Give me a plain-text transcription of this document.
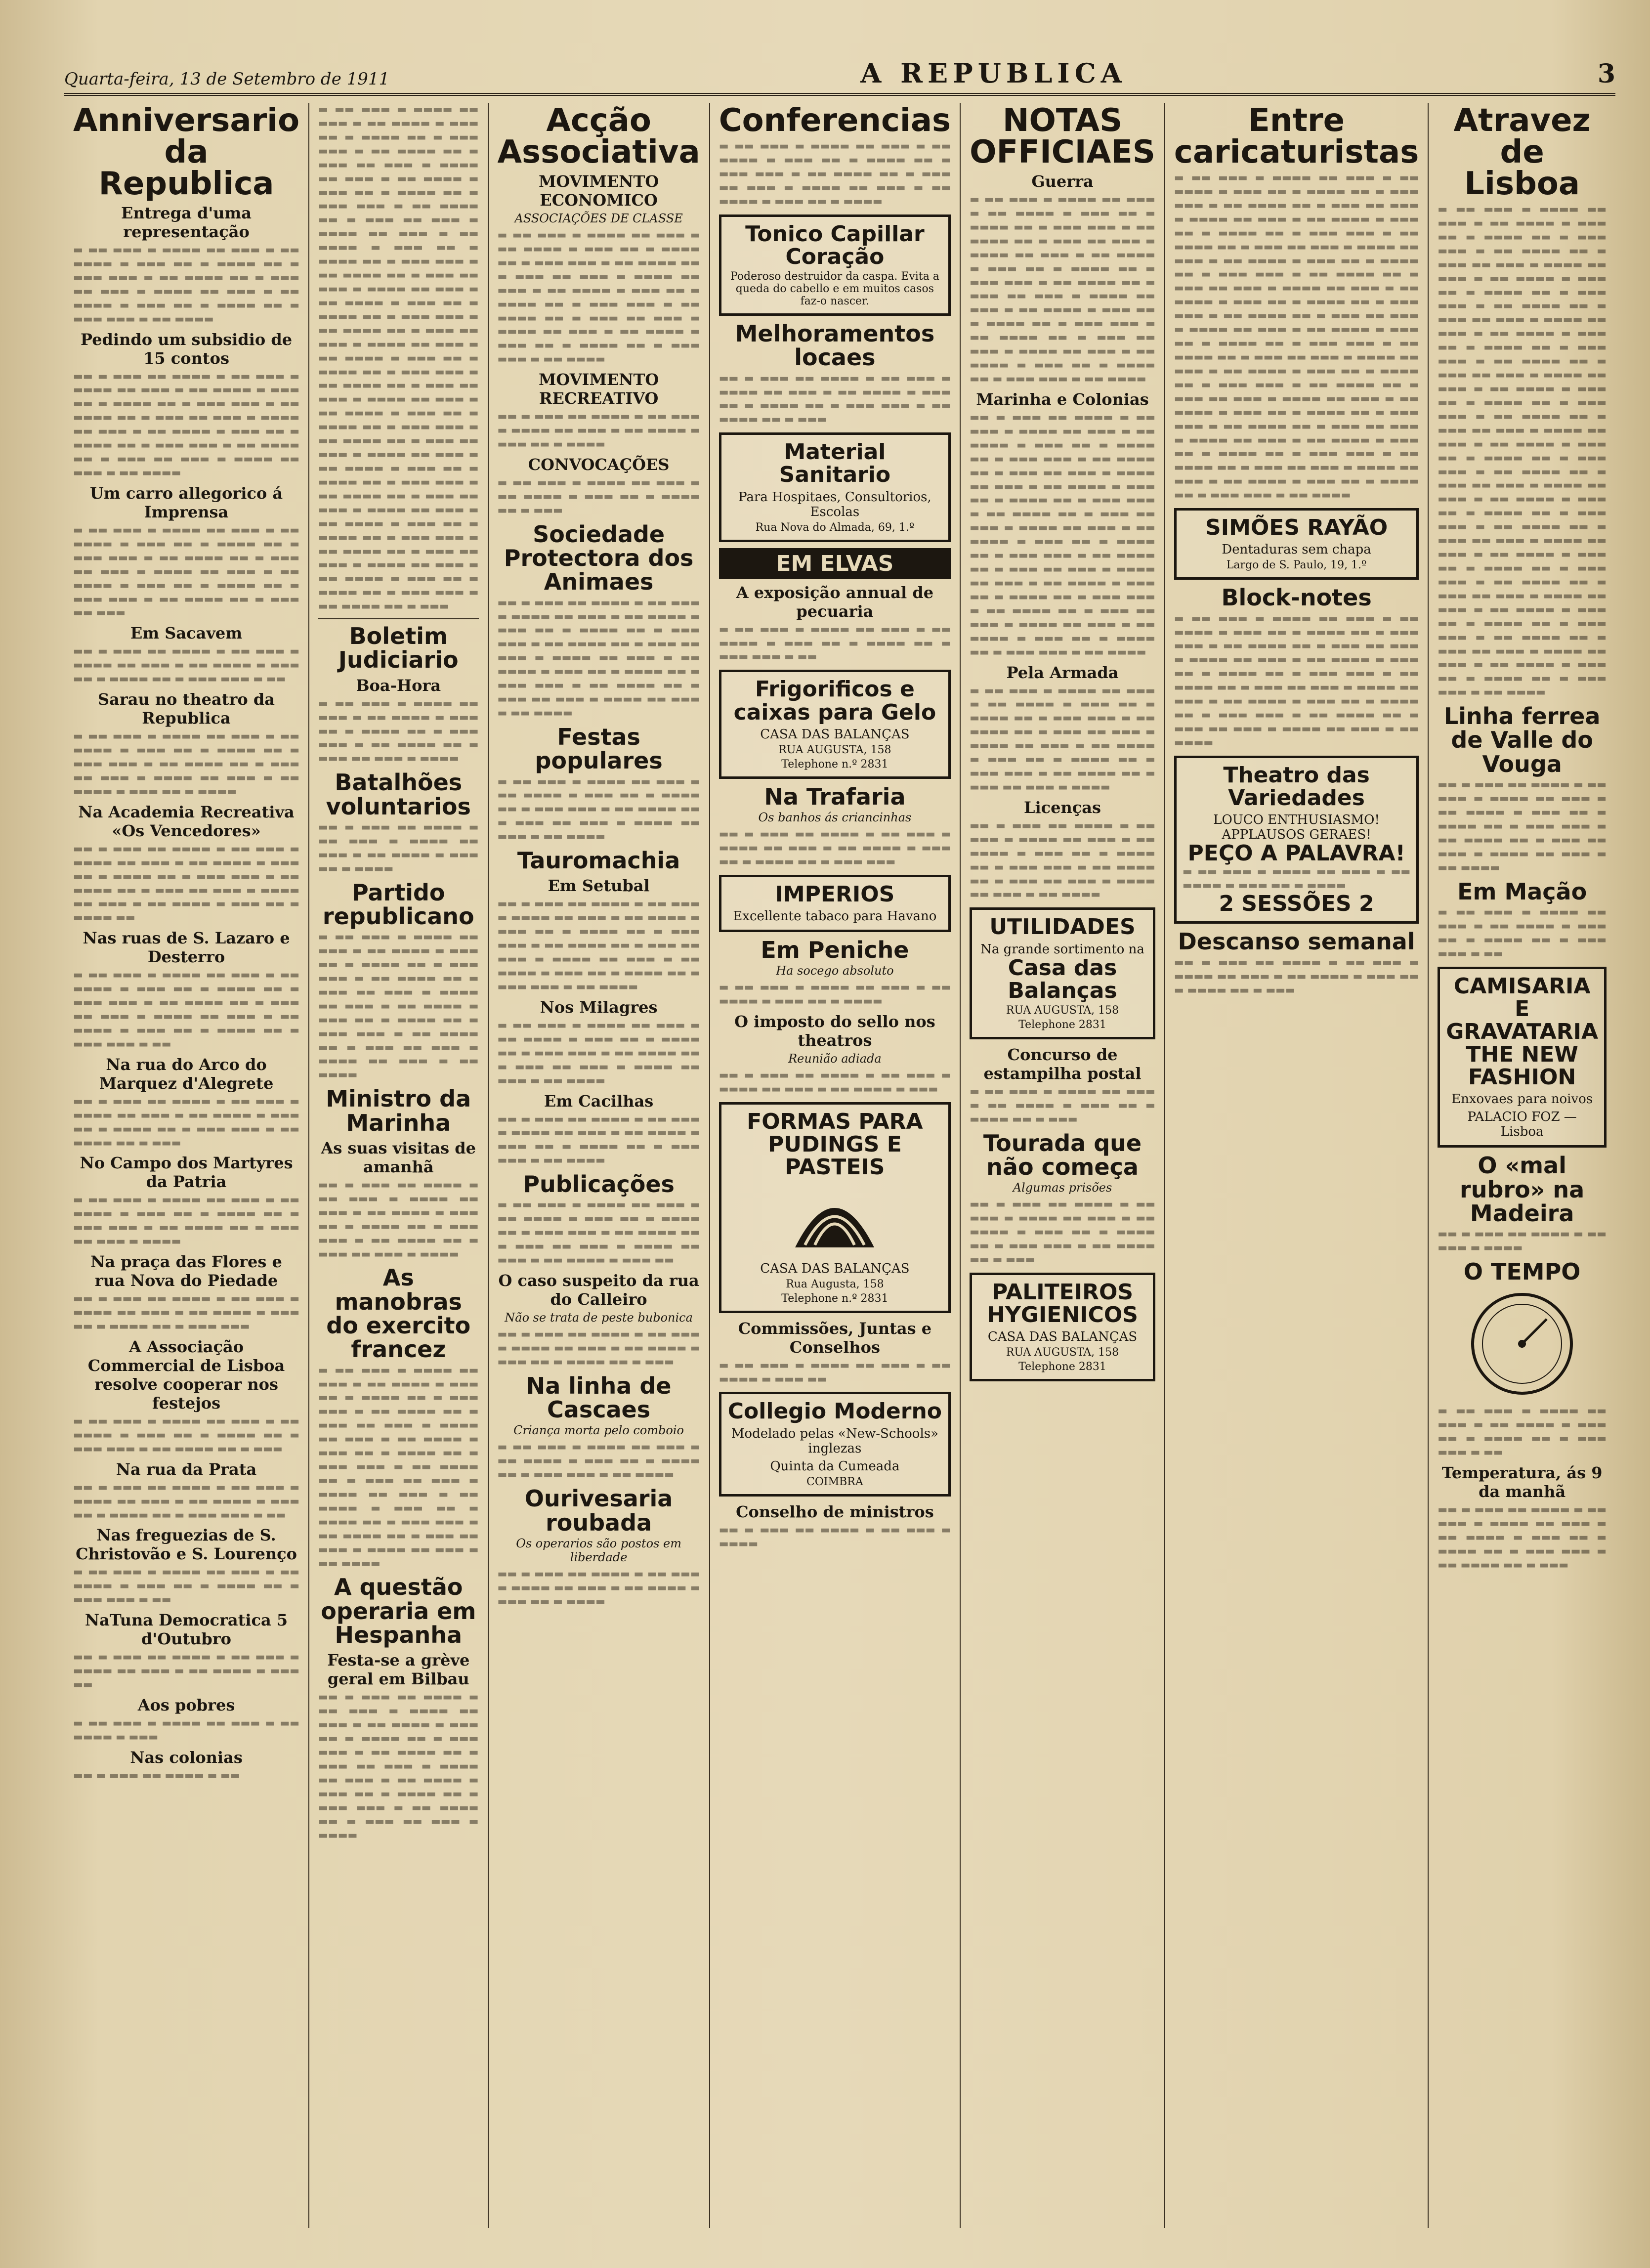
Quarta-feira, 13 de Setembro de 1911	A REPUBLICA	3
Anniversario da Republica
Entrega d'uma representação
▬ ▬▬ ▬▬▬ ▬ ▬▬▬▬ ▬▬ ▬▬▬ ▬ ▬▬ ▬▬▬▬ ▬ ▬▬▬ ▬▬ ▬ ▬▬▬▬ ▬▬ ▬ ▬▬▬ ▬▬▬ ▬ ▬▬ ▬▬▬▬ ▬▬ ▬ ▬▬▬ ▬▬ ▬▬▬ ▬ ▬▬▬▬ ▬▬ ▬▬▬ ▬ ▬▬ ▬▬▬▬ ▬ ▬▬▬ ▬▬ ▬ ▬▬▬▬ ▬▬ ▬ ▬▬▬ ▬▬▬ ▬ ▬▬ ▬▬▬▬
Pedindo um subsidio de 15 contos
▬▬ ▬ ▬▬▬ ▬▬ ▬▬▬▬ ▬ ▬▬ ▬▬▬ ▬ ▬▬▬▬ ▬▬ ▬▬▬ ▬ ▬▬ ▬▬▬▬ ▬ ▬▬▬ ▬▬ ▬ ▬▬▬▬ ▬▬ ▬ ▬▬▬ ▬▬▬ ▬ ▬▬ ▬▬▬▬ ▬▬ ▬ ▬▬▬ ▬▬ ▬▬▬ ▬ ▬▬▬▬ ▬▬ ▬▬▬ ▬ ▬▬ ▬▬▬▬ ▬ ▬▬▬ ▬▬ ▬ ▬▬▬▬ ▬▬ ▬ ▬▬▬ ▬▬▬ ▬ ▬▬ ▬▬▬▬ ▬▬ ▬ ▬▬▬ ▬▬ ▬▬▬ ▬ ▬▬▬▬ ▬▬ ▬▬▬ ▬ ▬▬ ▬▬▬▬
Um carro allegorico á Imprensa
▬ ▬▬ ▬▬▬ ▬ ▬▬▬▬ ▬▬ ▬▬▬ ▬ ▬▬ ▬▬▬▬ ▬ ▬▬▬ ▬▬ ▬ ▬▬▬▬ ▬▬ ▬ ▬▬▬ ▬▬▬ ▬ ▬▬ ▬▬▬▬ ▬▬ ▬ ▬▬▬ ▬▬ ▬▬▬ ▬ ▬▬▬▬ ▬▬ ▬▬▬ ▬ ▬▬ ▬▬▬▬ ▬ ▬▬▬ ▬▬ ▬ ▬▬▬▬ ▬▬ ▬ ▬▬▬ ▬▬▬ ▬ ▬▬ ▬▬▬▬ ▬▬ ▬ ▬▬▬ ▬▬ ▬▬▬
Em Sacavem
▬▬ ▬ ▬▬▬ ▬▬ ▬▬▬▬ ▬ ▬▬ ▬▬▬ ▬ ▬▬▬▬ ▬▬ ▬▬▬ ▬ ▬▬ ▬▬▬▬ ▬ ▬▬▬ ▬▬ ▬ ▬▬▬▬ ▬▬ ▬ ▬▬▬ ▬▬▬ ▬ ▬▬
Sarau no theatro da Republica
▬ ▬▬ ▬▬▬ ▬ ▬▬▬▬ ▬▬ ▬▬▬ ▬ ▬▬ ▬▬▬▬ ▬ ▬▬▬ ▬▬ ▬ ▬▬▬▬ ▬▬ ▬ ▬▬▬ ▬▬▬ ▬ ▬▬ ▬▬▬▬ ▬▬ ▬ ▬▬▬ ▬▬ ▬▬▬ ▬ ▬▬▬▬ ▬▬ ▬▬▬ ▬ ▬▬ ▬▬▬▬ ▬ ▬▬▬ ▬▬ ▬ ▬▬▬▬
Na Academia Recreativa «Os Vencedores»
▬▬ ▬ ▬▬▬ ▬▬ ▬▬▬▬ ▬ ▬▬ ▬▬▬ ▬ ▬▬▬▬ ▬▬ ▬▬▬ ▬ ▬▬ ▬▬▬▬ ▬ ▬▬▬ ▬▬ ▬ ▬▬▬▬ ▬▬ ▬ ▬▬▬ ▬▬▬ ▬ ▬▬ ▬▬▬▬ ▬▬ ▬ ▬▬▬ ▬▬ ▬▬▬ ▬ ▬▬▬▬ ▬▬ ▬▬▬ ▬ ▬▬ ▬▬▬▬ ▬ ▬▬▬ ▬▬ ▬ ▬▬▬▬ ▬▬
Nas ruas de S. Lazaro e Desterro
▬ ▬▬ ▬▬▬ ▬ ▬▬▬▬ ▬▬ ▬▬▬ ▬ ▬▬ ▬▬▬▬ ▬ ▬▬▬ ▬▬ ▬ ▬▬▬▬ ▬▬ ▬ ▬▬▬ ▬▬▬ ▬ ▬▬ ▬▬▬▬ ▬▬ ▬ ▬▬▬ ▬▬ ▬▬▬ ▬ ▬▬▬▬ ▬▬ ▬▬▬ ▬ ▬▬ ▬▬▬▬ ▬ ▬▬▬ ▬▬ ▬ ▬▬▬▬ ▬▬ ▬ ▬▬▬ ▬▬▬ ▬ ▬▬
Na rua do Arco do Marquez d'Alegrete
▬▬ ▬ ▬▬▬ ▬▬ ▬▬▬▬ ▬ ▬▬ ▬▬▬ ▬ ▬▬▬▬ ▬▬ ▬▬▬ ▬ ▬▬ ▬▬▬▬ ▬ ▬▬▬ ▬▬ ▬ ▬▬▬▬ ▬▬ ▬ ▬▬▬ ▬▬▬ ▬ ▬▬ ▬▬▬▬ ▬▬ ▬ ▬▬▬
No Campo dos Martyres da Patria
▬ ▬▬ ▬▬▬ ▬ ▬▬▬▬ ▬▬ ▬▬▬ ▬ ▬▬ ▬▬▬▬ ▬ ▬▬▬ ▬▬ ▬ ▬▬▬▬ ▬▬ ▬ ▬▬▬ ▬▬▬ ▬ ▬▬ ▬▬▬▬ ▬▬ ▬ ▬▬▬ ▬▬ ▬▬▬ ▬ ▬▬▬▬
Na praça das Flores e rua Nova do Piedade
▬▬ ▬ ▬▬▬ ▬▬ ▬▬▬▬ ▬ ▬▬ ▬▬▬ ▬ ▬▬▬▬ ▬▬ ▬▬▬ ▬ ▬▬ ▬▬▬▬ ▬ ▬▬▬ ▬▬ ▬ ▬▬▬▬ ▬▬ ▬ ▬▬▬ ▬▬▬
A Associação Commercial de Lisboa resolve cooperar nos festejos
▬ ▬▬ ▬▬▬ ▬ ▬▬▬▬ ▬▬ ▬▬▬ ▬ ▬▬ ▬▬▬▬ ▬ ▬▬▬ ▬▬ ▬ ▬▬▬▬ ▬▬ ▬ ▬▬▬ ▬▬▬ ▬ ▬▬ ▬▬▬▬ ▬▬ ▬ ▬▬▬
Na rua da Prata
▬▬ ▬ ▬▬▬ ▬▬ ▬▬▬▬ ▬ ▬▬ ▬▬▬ ▬ ▬▬▬▬ ▬▬ ▬▬▬ ▬ ▬▬ ▬▬▬▬ ▬ ▬▬▬ ▬▬ ▬ ▬▬▬▬ ▬▬ ▬ ▬▬▬ ▬▬▬ ▬ ▬▬
Nas freguezias de S. Christovão e S. Lourenço
▬ ▬▬ ▬▬▬ ▬ ▬▬▬▬ ▬▬ ▬▬▬ ▬ ▬▬ ▬▬▬▬ ▬ ▬▬▬ ▬▬ ▬ ▬▬▬▬ ▬▬ ▬ ▬▬▬ ▬▬▬ ▬ ▬▬
NaTuna Democratica 5 d'Outubro
▬▬ ▬ ▬▬▬ ▬▬ ▬▬▬▬ ▬ ▬▬ ▬▬▬ ▬ ▬▬▬▬ ▬▬ ▬▬▬ ▬ ▬▬ ▬▬▬▬ ▬ ▬▬▬ ▬▬
Aos pobres
▬ ▬▬ ▬▬▬ ▬ ▬▬▬▬ ▬▬ ▬▬▬ ▬ ▬▬ ▬▬▬▬ ▬ ▬▬▬
Nas colonias
▬▬ ▬ ▬▬▬ ▬▬ ▬▬▬▬ ▬ ▬▬
▬ ▬▬ ▬▬▬ ▬ ▬▬▬▬ ▬▬ ▬▬▬ ▬ ▬▬ ▬▬▬▬ ▬ ▬▬▬ ▬▬ ▬ ▬▬▬▬ ▬▬ ▬ ▬▬▬ ▬▬▬ ▬ ▬▬ ▬▬▬▬ ▬▬ ▬ ▬▬▬ ▬▬ ▬▬▬ ▬ ▬▬▬▬ ▬▬ ▬▬▬ ▬ ▬▬ ▬▬▬▬ ▬ ▬▬▬ ▬▬ ▬ ▬▬▬▬ ▬▬ ▬ ▬▬▬ ▬▬▬ ▬ ▬▬ ▬▬▬▬ ▬▬ ▬ ▬▬▬ ▬▬ ▬▬▬ ▬ ▬▬▬▬ ▬▬ ▬▬▬ ▬ ▬▬ ▬▬▬▬ ▬ ▬▬▬ ▬▬ ▬ ▬▬▬▬ ▬▬ ▬ ▬▬▬ ▬▬▬ ▬ ▬▬ ▬▬▬▬ ▬▬ ▬ ▬▬▬ ▬▬ ▬▬▬ ▬ ▬▬▬▬ ▬▬ ▬▬▬ ▬ ▬▬ ▬▬▬▬ ▬ ▬▬▬ ▬▬ ▬ ▬▬▬▬ ▬▬ ▬ ▬▬▬ ▬▬▬ ▬ ▬▬ ▬▬▬▬ ▬▬ ▬ ▬▬▬ ▬▬ ▬▬▬ ▬ ▬▬▬▬ ▬▬ ▬▬▬ ▬ ▬▬ ▬▬▬▬ ▬ ▬▬▬ ▬▬ ▬ ▬▬▬▬ ▬▬ ▬ ▬▬▬ ▬▬▬ ▬ ▬▬ ▬▬▬▬ ▬▬ ▬ ▬▬▬ ▬▬ ▬▬▬ ▬ ▬▬▬▬ ▬▬ ▬▬▬ ▬ ▬▬ ▬▬▬▬ ▬ ▬▬▬ ▬▬ ▬ ▬▬▬▬ ▬▬ ▬ ▬▬▬ ▬▬▬ ▬ ▬▬ ▬▬▬▬ ▬▬ ▬ ▬▬▬ ▬▬ ▬▬▬ ▬ ▬▬▬▬ ▬▬ ▬▬▬ ▬ ▬▬ ▬▬▬▬ ▬ ▬▬▬ ▬▬ ▬ ▬▬▬▬ ▬▬ ▬ ▬▬▬ ▬▬▬ ▬ ▬▬ ▬▬▬▬ ▬▬ ▬ ▬▬▬ ▬▬ ▬▬▬ ▬ ▬▬▬▬ ▬▬ ▬▬▬ ▬ ▬▬ ▬▬▬▬ ▬ ▬▬▬ ▬▬ ▬ ▬▬▬▬ ▬▬ ▬ ▬▬▬ ▬▬▬ ▬ ▬▬ ▬▬▬▬ ▬▬ ▬ ▬▬▬ ▬▬ ▬▬▬ ▬ ▬▬▬▬ ▬▬ ▬▬▬ ▬ ▬▬ ▬▬▬▬ ▬ ▬▬▬ ▬▬ ▬ ▬▬▬▬ ▬▬ ▬ ▬▬▬ ▬▬▬ ▬ ▬▬ ▬▬▬▬ ▬▬ ▬ ▬▬▬
Boletim Judiciario
Boa-Hora
▬ ▬▬ ▬▬▬ ▬ ▬▬▬▬ ▬▬ ▬▬▬ ▬ ▬▬ ▬▬▬▬ ▬ ▬▬▬ ▬▬ ▬ ▬▬▬▬ ▬▬ ▬ ▬▬▬ ▬▬▬ ▬ ▬▬ ▬▬▬▬ ▬▬ ▬ ▬▬▬ ▬▬ ▬▬▬ ▬ ▬▬▬▬
Batalhões voluntarios
▬▬ ▬ ▬▬▬ ▬▬ ▬▬▬▬ ▬ ▬▬ ▬▬▬ ▬ ▬▬▬▬ ▬▬ ▬▬▬ ▬ ▬▬ ▬▬▬▬ ▬ ▬▬▬ ▬▬ ▬ ▬▬▬▬
Partido republicano
▬ ▬▬ ▬▬▬ ▬ ▬▬▬▬ ▬▬ ▬▬▬ ▬ ▬▬ ▬▬▬▬ ▬ ▬▬▬ ▬▬ ▬ ▬▬▬▬ ▬▬ ▬ ▬▬▬ ▬▬▬ ▬ ▬▬ ▬▬▬▬ ▬▬ ▬ ▬▬▬ ▬▬ ▬▬▬ ▬ ▬▬▬▬ ▬▬ ▬▬▬ ▬ ▬▬ ▬▬▬▬ ▬ ▬▬▬ ▬▬ ▬ ▬▬▬▬ ▬▬ ▬ ▬▬▬ ▬▬▬ ▬ ▬▬ ▬▬▬▬ ▬▬ ▬ ▬▬▬ ▬▬ ▬▬▬ ▬ ▬▬▬▬ ▬▬ ▬▬▬ ▬ ▬▬ ▬▬▬▬
Ministro da Marinha
As suas visitas de amanhã
▬▬ ▬ ▬▬▬ ▬▬ ▬▬▬▬ ▬ ▬▬ ▬▬▬ ▬ ▬▬▬▬ ▬▬ ▬▬▬ ▬ ▬▬ ▬▬▬▬ ▬ ▬▬▬ ▬▬ ▬ ▬▬▬▬ ▬▬ ▬ ▬▬▬ ▬▬▬ ▬ ▬▬ ▬▬▬▬ ▬▬ ▬ ▬▬▬ ▬▬ ▬▬▬ ▬ ▬▬▬▬
As manobras do exercito francez
▬ ▬▬ ▬▬▬ ▬ ▬▬▬▬ ▬▬ ▬▬▬ ▬ ▬▬ ▬▬▬▬ ▬ ▬▬▬ ▬▬ ▬ ▬▬▬▬ ▬▬ ▬ ▬▬▬ ▬▬▬ ▬ ▬▬ ▬▬▬▬ ▬▬ ▬ ▬▬▬ ▬▬ ▬▬▬ ▬ ▬▬▬▬ ▬▬ ▬▬▬ ▬ ▬▬ ▬▬▬▬ ▬ ▬▬▬ ▬▬ ▬ ▬▬▬▬ ▬▬ ▬ ▬▬▬ ▬▬▬ ▬ ▬▬ ▬▬▬▬ ▬▬ ▬ ▬▬▬ ▬▬ ▬▬▬ ▬ ▬▬▬▬ ▬▬ ▬▬▬ ▬ ▬▬ ▬▬▬▬ ▬ ▬▬▬ ▬▬ ▬ ▬▬▬▬ ▬▬ ▬ ▬▬▬ ▬▬▬ ▬ ▬▬ ▬▬▬▬ ▬▬ ▬ ▬▬▬ ▬▬ ▬▬▬ ▬ ▬▬▬▬ ▬▬ ▬▬▬ ▬ ▬▬ ▬▬▬▬
A questão operaria em Hespanha
Festa-se a grève geral em Bilbau
▬▬ ▬ ▬▬▬ ▬▬ ▬▬▬▬ ▬ ▬▬ ▬▬▬ ▬ ▬▬▬▬ ▬▬ ▬▬▬ ▬ ▬▬ ▬▬▬▬ ▬ ▬▬▬ ▬▬ ▬ ▬▬▬▬ ▬▬ ▬ ▬▬▬ ▬▬▬ ▬ ▬▬ ▬▬▬▬ ▬▬ ▬ ▬▬▬ ▬▬ ▬▬▬ ▬ ▬▬▬▬ ▬▬ ▬▬▬ ▬ ▬▬ ▬▬▬▬ ▬ ▬▬▬ ▬▬ ▬ ▬▬▬▬ ▬▬ ▬ ▬▬▬ ▬▬▬ ▬ ▬▬ ▬▬▬▬ ▬▬ ▬ ▬▬▬ ▬▬ ▬▬▬ ▬ ▬▬▬▬
Acção Associativa
MOVIMENTO ECONOMICO
ASSOCIAÇÕES DE CLASSE
▬ ▬▬ ▬▬▬ ▬ ▬▬▬▬ ▬▬ ▬▬▬ ▬ ▬▬ ▬▬▬▬ ▬ ▬▬▬ ▬▬ ▬ ▬▬▬▬ ▬▬ ▬ ▬▬▬ ▬▬▬ ▬ ▬▬ ▬▬▬▬ ▬▬ ▬ ▬▬▬ ▬▬ ▬▬▬ ▬ ▬▬▬▬ ▬▬ ▬▬▬ ▬ ▬▬ ▬▬▬▬ ▬ ▬▬▬ ▬▬ ▬ ▬▬▬▬ ▬▬ ▬ ▬▬▬ ▬▬▬ ▬ ▬▬ ▬▬▬▬ ▬▬ ▬ ▬▬▬ ▬▬ ▬▬▬ ▬ ▬▬▬▬ ▬▬ ▬▬▬ ▬ ▬▬ ▬▬▬▬ ▬ ▬▬▬ ▬▬ ▬ ▬▬▬▬ ▬▬ ▬ ▬▬▬ ▬▬▬ ▬ ▬▬ ▬▬▬▬
MOVIMENTO RECREATIVO
▬▬ ▬ ▬▬▬ ▬▬ ▬▬▬▬ ▬ ▬▬ ▬▬▬ ▬ ▬▬▬▬ ▬▬ ▬▬▬ ▬ ▬▬ ▬▬▬▬ ▬ ▬▬▬ ▬▬ ▬ ▬▬▬▬
CONVOCAÇÕES
▬ ▬▬ ▬▬▬ ▬ ▬▬▬▬ ▬▬ ▬▬▬ ▬ ▬▬ ▬▬▬▬ ▬ ▬▬▬ ▬▬ ▬ ▬▬▬▬ ▬▬ ▬ ▬▬▬
Sociedade Protectora dos Animaes
▬▬ ▬ ▬▬▬ ▬▬ ▬▬▬▬ ▬ ▬▬ ▬▬▬ ▬ ▬▬▬▬ ▬▬ ▬▬▬ ▬ ▬▬ ▬▬▬▬ ▬ ▬▬▬ ▬▬ ▬ ▬▬▬▬ ▬▬ ▬ ▬▬▬ ▬▬▬ ▬ ▬▬ ▬▬▬▬ ▬▬ ▬ ▬▬▬ ▬▬ ▬▬▬ ▬ ▬▬▬▬ ▬▬ ▬▬▬ ▬ ▬▬ ▬▬▬▬ ▬ ▬▬▬ ▬▬ ▬ ▬▬▬▬ ▬▬ ▬ ▬▬▬ ▬▬▬ ▬ ▬▬ ▬▬▬▬ ▬▬ ▬ ▬▬▬ ▬▬ ▬▬▬ ▬ ▬▬▬▬ ▬▬ ▬▬▬ ▬ ▬▬ ▬▬▬▬
Festas populares
▬ ▬▬ ▬▬▬ ▬ ▬▬▬▬ ▬▬ ▬▬▬ ▬ ▬▬ ▬▬▬▬ ▬ ▬▬▬ ▬▬ ▬ ▬▬▬▬ ▬▬ ▬ ▬▬▬ ▬▬▬ ▬ ▬▬ ▬▬▬▬ ▬▬ ▬ ▬▬▬ ▬▬ ▬▬▬ ▬ ▬▬▬▬ ▬▬ ▬▬▬ ▬ ▬▬ ▬▬▬▬
Tauromachia
Em Setubal
▬▬ ▬ ▬▬▬ ▬▬ ▬▬▬▬ ▬ ▬▬ ▬▬▬ ▬ ▬▬▬▬ ▬▬ ▬▬▬ ▬ ▬▬ ▬▬▬▬ ▬ ▬▬▬ ▬▬ ▬ ▬▬▬▬ ▬▬ ▬ ▬▬▬ ▬▬▬ ▬ ▬▬ ▬▬▬▬ ▬▬ ▬ ▬▬▬ ▬▬ ▬▬▬ ▬ ▬▬▬▬ ▬▬ ▬▬▬ ▬ ▬▬ ▬▬▬▬ ▬ ▬▬▬ ▬▬ ▬ ▬▬▬▬ ▬▬ ▬ ▬▬▬ ▬▬▬ ▬ ▬▬ ▬▬▬▬
Nos Milagres
▬ ▬▬ ▬▬▬ ▬ ▬▬▬▬ ▬▬ ▬▬▬ ▬ ▬▬ ▬▬▬▬ ▬ ▬▬▬ ▬▬ ▬ ▬▬▬▬ ▬▬ ▬ ▬▬▬ ▬▬▬ ▬ ▬▬ ▬▬▬▬ ▬▬ ▬ ▬▬▬ ▬▬ ▬▬▬ ▬ ▬▬▬▬ ▬▬ ▬▬▬ ▬ ▬▬ ▬▬▬▬
Em Cacilhas
▬▬ ▬ ▬▬▬ ▬▬ ▬▬▬▬ ▬ ▬▬ ▬▬▬ ▬ ▬▬▬▬ ▬▬ ▬▬▬ ▬ ▬▬ ▬▬▬▬ ▬ ▬▬▬ ▬▬ ▬ ▬▬▬▬ ▬▬ ▬ ▬▬▬ ▬▬▬ ▬ ▬▬ ▬▬▬▬
Publicações
▬ ▬▬ ▬▬▬ ▬ ▬▬▬▬ ▬▬ ▬▬▬ ▬ ▬▬ ▬▬▬▬ ▬ ▬▬▬ ▬▬ ▬ ▬▬▬▬ ▬▬ ▬ ▬▬▬ ▬▬▬ ▬ ▬▬ ▬▬▬▬ ▬▬ ▬ ▬▬▬ ▬▬ ▬▬▬ ▬ ▬▬▬▬ ▬▬ ▬▬▬ ▬ ▬▬ ▬▬▬▬ ▬ ▬▬▬ ▬▬
O caso suspeito da rua do Calleiro
Não se trata de peste bubonica
▬▬ ▬ ▬▬▬ ▬▬ ▬▬▬▬ ▬ ▬▬ ▬▬▬ ▬ ▬▬▬▬ ▬▬ ▬▬▬ ▬ ▬▬ ▬▬▬▬ ▬ ▬▬▬ ▬▬ ▬ ▬▬▬▬ ▬▬ ▬ ▬▬▬
Na linha de Cascaes
Criança morta pelo comboio
▬ ▬▬ ▬▬▬ ▬ ▬▬▬▬ ▬▬ ▬▬▬ ▬ ▬▬ ▬▬▬▬ ▬ ▬▬▬ ▬▬ ▬ ▬▬▬▬ ▬▬ ▬ ▬▬▬ ▬▬▬ ▬ ▬▬ ▬▬▬▬
Ourivesaria roubada
Os operarios são postos em liberdade
▬▬ ▬ ▬▬▬ ▬▬ ▬▬▬▬ ▬ ▬▬ ▬▬▬ ▬ ▬▬▬▬ ▬▬ ▬▬▬ ▬ ▬▬ ▬▬▬▬ ▬ ▬▬▬ ▬▬ ▬ ▬▬▬▬
Conferencias
▬ ▬▬ ▬▬▬ ▬ ▬▬▬▬ ▬▬ ▬▬▬ ▬ ▬▬ ▬▬▬▬ ▬ ▬▬▬ ▬▬ ▬ ▬▬▬▬ ▬▬ ▬ ▬▬▬ ▬▬▬ ▬ ▬▬ ▬▬▬▬ ▬▬ ▬ ▬▬▬ ▬▬ ▬▬▬ ▬ ▬▬▬▬ ▬▬ ▬▬▬ ▬ ▬▬ ▬▬▬▬ ▬ ▬▬▬ ▬▬ ▬ ▬▬▬▬
Tonico Capillar Coração
Poderoso destruidor da caspa. Evita a queda do cabello e em muitos casos faz-o nascer.
Melhoramentos locaes
▬▬ ▬ ▬▬▬ ▬▬ ▬▬▬▬ ▬ ▬▬ ▬▬▬ ▬ ▬▬▬▬ ▬▬ ▬▬▬ ▬ ▬▬ ▬▬▬▬ ▬ ▬▬▬ ▬▬ ▬ ▬▬▬▬ ▬▬ ▬ ▬▬▬ ▬▬▬ ▬ ▬▬ ▬▬▬▬ ▬▬ ▬ ▬▬▬
Material Sanitario
Para Hospitaes, Consultorios, Escolas
Rua Nova do Almada, 69, 1.º
EM ELVAS
A exposição annual de pecuaria
▬ ▬▬ ▬▬▬ ▬ ▬▬▬▬ ▬▬ ▬▬▬ ▬ ▬▬ ▬▬▬▬ ▬ ▬▬▬ ▬▬ ▬ ▬▬▬▬ ▬▬ ▬ ▬▬▬ ▬▬▬ ▬ ▬▬
Frigorificos e caixas para Gelo
CASA DAS BALANÇAS
RUA AUGUSTA, 158
Telephone n.º 2831
Na Trafaria
Os banhos ás criancinhas
▬▬ ▬ ▬▬▬ ▬▬ ▬▬▬▬ ▬ ▬▬ ▬▬▬ ▬ ▬▬▬▬ ▬▬ ▬▬▬ ▬ ▬▬ ▬▬▬▬ ▬ ▬▬▬ ▬▬ ▬ ▬▬▬▬ ▬▬ ▬ ▬▬▬ ▬▬▬
IMPERIOS
Excellente tabaco para Havano
Em Peniche
Ha socego absoluto
▬ ▬▬ ▬▬▬ ▬ ▬▬▬▬ ▬▬ ▬▬▬ ▬ ▬▬ ▬▬▬▬ ▬ ▬▬▬ ▬▬ ▬ ▬▬▬▬
O imposto do sello nos theatros
Reunião adiada
▬▬ ▬ ▬▬▬ ▬▬ ▬▬▬▬ ▬ ▬▬ ▬▬▬ ▬ ▬▬▬▬ ▬▬ ▬▬▬ ▬ ▬▬ ▬▬▬▬ ▬ ▬▬▬
FORMAS PARA PUDINGS E PASTEIS
CASA DAS BALANÇAS
Rua Augusta, 158
Telephone n.º 2831
Commissões, Juntas e Conselhos
▬ ▬▬ ▬▬▬ ▬ ▬▬▬▬ ▬▬ ▬▬▬ ▬ ▬▬ ▬▬▬▬ ▬ ▬▬▬ ▬▬
Collegio Moderno
Modelado pelas «New-Schools» inglezas
Quinta da Cumeada
COIMBRA
Conselho de ministros
▬▬ ▬ ▬▬▬ ▬▬ ▬▬▬▬ ▬ ▬▬ ▬▬▬ ▬ ▬▬▬▬
NOTAS OFFICIAES
Guerra
▬ ▬▬ ▬▬▬ ▬ ▬▬▬▬ ▬▬ ▬▬▬ ▬ ▬▬ ▬▬▬▬ ▬ ▬▬▬ ▬▬ ▬ ▬▬▬▬ ▬▬ ▬ ▬▬▬ ▬▬▬ ▬ ▬▬ ▬▬▬▬ ▬▬ ▬ ▬▬▬ ▬▬ ▬▬▬ ▬ ▬▬▬▬ ▬▬ ▬▬▬ ▬ ▬▬ ▬▬▬▬ ▬ ▬▬▬ ▬▬ ▬ ▬▬▬▬ ▬▬ ▬ ▬▬▬ ▬▬▬ ▬ ▬▬ ▬▬▬▬ ▬▬ ▬ ▬▬▬ ▬▬ ▬▬▬ ▬ ▬▬▬▬ ▬▬ ▬▬▬ ▬ ▬▬ ▬▬▬▬ ▬ ▬▬▬ ▬▬ ▬ ▬▬▬▬ ▬▬ ▬ ▬▬▬ ▬▬▬ ▬ ▬▬ ▬▬▬▬ ▬▬ ▬ ▬▬▬ ▬▬ ▬▬▬ ▬ ▬▬▬▬ ▬▬ ▬▬▬ ▬ ▬▬ ▬▬▬▬ ▬ ▬▬▬ ▬▬ ▬ ▬▬▬▬ ▬▬ ▬ ▬▬▬ ▬▬▬ ▬ ▬▬ ▬▬▬▬
Marinha e Colonias
▬▬ ▬ ▬▬▬ ▬▬ ▬▬▬▬ ▬ ▬▬ ▬▬▬ ▬ ▬▬▬▬ ▬▬ ▬▬▬ ▬ ▬▬ ▬▬▬▬ ▬ ▬▬▬ ▬▬ ▬ ▬▬▬▬ ▬▬ ▬ ▬▬▬ ▬▬▬ ▬ ▬▬ ▬▬▬▬ ▬▬ ▬ ▬▬▬ ▬▬ ▬▬▬ ▬ ▬▬▬▬ ▬▬ ▬▬▬ ▬ ▬▬ ▬▬▬▬ ▬ ▬▬▬ ▬▬ ▬ ▬▬▬▬ ▬▬ ▬ ▬▬▬ ▬▬▬ ▬ ▬▬ ▬▬▬▬ ▬▬ ▬ ▬▬▬ ▬▬ ▬▬▬ ▬ ▬▬▬▬ ▬▬ ▬▬▬ ▬ ▬▬ ▬▬▬▬ ▬ ▬▬▬ ▬▬ ▬ ▬▬▬▬ ▬▬ ▬ ▬▬▬ ▬▬▬ ▬ ▬▬ ▬▬▬▬ ▬▬ ▬ ▬▬▬ ▬▬ ▬▬▬ ▬ ▬▬▬▬ ▬▬ ▬▬▬ ▬ ▬▬ ▬▬▬▬ ▬ ▬▬▬ ▬▬ ▬ ▬▬▬▬ ▬▬ ▬ ▬▬▬ ▬▬▬ ▬ ▬▬ ▬▬▬▬ ▬▬ ▬ ▬▬▬ ▬▬ ▬▬▬ ▬ ▬▬▬▬ ▬▬ ▬▬▬ ▬ ▬▬ ▬▬▬▬ ▬ ▬▬▬ ▬▬ ▬ ▬▬▬▬ ▬▬ ▬ ▬▬▬ ▬▬▬ ▬ ▬▬ ▬▬▬▬
Pela Armada
▬ ▬▬ ▬▬▬ ▬ ▬▬▬▬ ▬▬ ▬▬▬ ▬ ▬▬ ▬▬▬▬ ▬ ▬▬▬ ▬▬ ▬ ▬▬▬▬ ▬▬ ▬ ▬▬▬ ▬▬▬ ▬ ▬▬ ▬▬▬▬ ▬▬ ▬ ▬▬▬ ▬▬ ▬▬▬ ▬ ▬▬▬▬ ▬▬ ▬▬▬ ▬ ▬▬ ▬▬▬▬ ▬ ▬▬▬ ▬▬ ▬ ▬▬▬▬ ▬▬ ▬ ▬▬▬ ▬▬▬ ▬ ▬▬ ▬▬▬▬ ▬▬ ▬ ▬▬▬ ▬▬ ▬▬▬ ▬ ▬▬▬▬
Licenças
▬▬ ▬ ▬▬▬ ▬▬ ▬▬▬▬ ▬ ▬▬ ▬▬▬ ▬ ▬▬▬▬ ▬▬ ▬▬▬ ▬ ▬▬ ▬▬▬▬ ▬ ▬▬▬ ▬▬ ▬ ▬▬▬▬ ▬▬ ▬ ▬▬▬ ▬▬▬ ▬ ▬▬ ▬▬▬▬ ▬▬ ▬ ▬▬▬ ▬▬ ▬▬▬ ▬ ▬▬▬▬ ▬▬ ▬▬▬ ▬ ▬▬ ▬▬▬▬
UTILIDADES
Na grande sortimento na
Casa das Balanças
RUA AUGUSTA, 158
Telephone 2831
Concurso de estampilha postal
▬ ▬▬ ▬▬▬ ▬ ▬▬▬▬ ▬▬ ▬▬▬ ▬ ▬▬ ▬▬▬▬ ▬ ▬▬▬ ▬▬ ▬ ▬▬▬▬ ▬▬ ▬ ▬▬▬
Tourada que não começa
Algumas prisões
▬▬ ▬ ▬▬▬ ▬▬ ▬▬▬▬ ▬ ▬▬ ▬▬▬ ▬ ▬▬▬▬ ▬▬ ▬▬▬ ▬ ▬▬ ▬▬▬▬ ▬ ▬▬▬ ▬▬ ▬ ▬▬▬▬ ▬▬ ▬ ▬▬▬ ▬▬▬ ▬ ▬▬ ▬▬▬▬ ▬▬ ▬ ▬▬▬
PALITEIROS HYGIENICOS
CASA DAS BALANÇAS
RUA AUGUSTA, 158
Telephone 2831
Entre caricaturistas
▬ ▬▬ ▬▬▬ ▬ ▬▬▬▬ ▬▬ ▬▬▬ ▬ ▬▬ ▬▬▬▬ ▬ ▬▬▬ ▬▬ ▬ ▬▬▬▬ ▬▬ ▬ ▬▬▬ ▬▬▬ ▬ ▬▬ ▬▬▬▬ ▬▬ ▬ ▬▬▬ ▬▬ ▬▬▬ ▬ ▬▬▬▬ ▬▬ ▬▬▬ ▬ ▬▬ ▬▬▬▬ ▬ ▬▬▬ ▬▬ ▬ ▬▬▬▬ ▬▬ ▬ ▬▬▬ ▬▬▬ ▬ ▬▬ ▬▬▬▬ ▬▬ ▬ ▬▬▬ ▬▬ ▬▬▬ ▬ ▬▬▬▬ ▬▬ ▬▬▬ ▬ ▬▬ ▬▬▬▬ ▬ ▬▬▬ ▬▬ ▬ ▬▬▬▬ ▬▬ ▬ ▬▬▬ ▬▬▬ ▬ ▬▬ ▬▬▬▬ ▬▬ ▬ ▬▬▬ ▬▬ ▬▬▬ ▬ ▬▬▬▬ ▬▬ ▬▬▬ ▬ ▬▬ ▬▬▬▬ ▬ ▬▬▬ ▬▬ ▬ ▬▬▬▬ ▬▬ ▬ ▬▬▬ ▬▬▬ ▬ ▬▬ ▬▬▬▬ ▬▬ ▬ ▬▬▬ ▬▬ ▬▬▬ ▬ ▬▬▬▬ ▬▬ ▬▬▬ ▬ ▬▬ ▬▬▬▬ ▬ ▬▬▬ ▬▬ ▬ ▬▬▬▬ ▬▬ ▬ ▬▬▬ ▬▬▬ ▬ ▬▬ ▬▬▬▬ ▬▬ ▬ ▬▬▬ ▬▬ ▬▬▬ ▬ ▬▬▬▬ ▬▬ ▬▬▬ ▬ ▬▬ ▬▬▬▬ ▬ ▬▬▬ ▬▬ ▬ ▬▬▬▬ ▬▬ ▬ ▬▬▬ ▬▬▬ ▬ ▬▬ ▬▬▬▬ ▬▬ ▬ ▬▬▬ ▬▬ ▬▬▬ ▬ ▬▬▬▬ ▬▬ ▬▬▬ ▬ ▬▬ ▬▬▬▬ ▬ ▬▬▬ ▬▬ ▬ ▬▬▬▬ ▬▬ ▬ ▬▬▬ ▬▬▬ ▬ ▬▬ ▬▬▬▬ ▬▬ ▬ ▬▬▬ ▬▬ ▬▬▬ ▬ ▬▬▬▬ ▬▬ ▬▬▬ ▬ ▬▬ ▬▬▬▬ ▬ ▬▬▬ ▬▬ ▬ ▬▬▬▬ ▬▬ ▬ ▬▬▬ ▬▬▬ ▬ ▬▬ ▬▬▬▬ ▬▬ ▬ ▬▬▬ ▬▬ ▬▬▬ ▬ ▬▬▬▬ ▬▬ ▬▬▬ ▬ ▬▬ ▬▬▬▬ ▬ ▬▬▬ ▬▬ ▬ ▬▬▬▬ ▬▬ ▬ ▬▬▬ ▬▬▬ ▬ ▬▬ ▬▬▬▬
SIMÕES RAYÃO
Dentaduras sem chapa
Largo de S. Paulo, 19, 1.º
Block-notes
▬ ▬▬ ▬▬▬ ▬ ▬▬▬▬ ▬▬ ▬▬▬ ▬ ▬▬ ▬▬▬▬ ▬ ▬▬▬ ▬▬ ▬ ▬▬▬▬ ▬▬ ▬ ▬▬▬ ▬▬▬ ▬ ▬▬ ▬▬▬▬ ▬▬ ▬ ▬▬▬ ▬▬ ▬▬▬ ▬ ▬▬▬▬ ▬▬ ▬▬▬ ▬ ▬▬ ▬▬▬▬ ▬ ▬▬▬ ▬▬ ▬ ▬▬▬▬ ▬▬ ▬ ▬▬▬ ▬▬▬ ▬ ▬▬ ▬▬▬▬ ▬▬ ▬ ▬▬▬ ▬▬ ▬▬▬ ▬ ▬▬▬▬ ▬▬ ▬▬▬ ▬ ▬▬ ▬▬▬▬ ▬ ▬▬▬ ▬▬ ▬ ▬▬▬▬ ▬▬ ▬ ▬▬▬ ▬▬▬ ▬ ▬▬ ▬▬▬▬ ▬▬ ▬ ▬▬▬ ▬▬ ▬▬▬ ▬ ▬▬▬▬ ▬▬ ▬▬▬ ▬ ▬▬ ▬▬▬▬
Theatro das Variedades
LOUCO ENTHUSIASMO! APPLAUSOS GERAES!
PEÇO A PALAVRA!
▬ ▬▬ ▬▬▬ ▬ ▬▬▬▬ ▬▬ ▬▬▬ ▬ ▬▬ ▬▬▬▬ ▬ ▬▬▬ ▬▬ ▬ ▬▬▬▬
2 SESSÕES 2
Descanso semanal
▬▬ ▬ ▬▬▬ ▬▬ ▬▬▬▬ ▬ ▬▬ ▬▬▬ ▬ ▬▬▬▬ ▬▬ ▬▬▬ ▬ ▬▬ ▬▬▬▬ ▬ ▬▬▬ ▬▬ ▬ ▬▬▬▬ ▬▬ ▬ ▬▬▬
Atravez de Lisboa
▬ ▬▬ ▬▬▬ ▬ ▬▬▬▬ ▬▬ ▬▬▬ ▬ ▬▬ ▬▬▬▬ ▬ ▬▬▬ ▬▬ ▬ ▬▬▬▬ ▬▬ ▬ ▬▬▬ ▬▬▬ ▬ ▬▬ ▬▬▬▬ ▬▬ ▬ ▬▬▬ ▬▬ ▬▬▬ ▬ ▬▬▬▬ ▬▬ ▬▬▬ ▬ ▬▬ ▬▬▬▬ ▬ ▬▬▬ ▬▬ ▬ ▬▬▬▬ ▬▬ ▬ ▬▬▬ ▬▬▬ ▬ ▬▬ ▬▬▬▬ ▬▬ ▬ ▬▬▬ ▬▬ ▬▬▬ ▬ ▬▬▬▬ ▬▬ ▬▬▬ ▬ ▬▬ ▬▬▬▬ ▬ ▬▬▬ ▬▬ ▬ ▬▬▬▬ ▬▬ ▬ ▬▬▬ ▬▬▬ ▬ ▬▬ ▬▬▬▬ ▬▬ ▬ ▬▬▬ ▬▬ ▬▬▬ ▬ ▬▬▬▬ ▬▬ ▬▬▬ ▬ ▬▬ ▬▬▬▬ ▬ ▬▬▬ ▬▬ ▬ ▬▬▬▬ ▬▬ ▬ ▬▬▬ ▬▬▬ ▬ ▬▬ ▬▬▬▬ ▬▬ ▬ ▬▬▬ ▬▬ ▬▬▬ ▬ ▬▬▬▬ ▬▬ ▬▬▬ ▬ ▬▬ ▬▬▬▬ ▬ ▬▬▬ ▬▬ ▬ ▬▬▬▬ ▬▬ ▬ ▬▬▬ ▬▬▬ ▬ ▬▬ ▬▬▬▬ ▬▬ ▬ ▬▬▬ ▬▬ ▬▬▬ ▬ ▬▬▬▬ ▬▬ ▬▬▬ ▬ ▬▬ ▬▬▬▬ ▬ ▬▬▬ ▬▬ ▬ ▬▬▬▬ ▬▬ ▬ ▬▬▬ ▬▬▬ ▬ ▬▬ ▬▬▬▬ ▬▬ ▬ ▬▬▬ ▬▬ ▬▬▬ ▬ ▬▬▬▬ ▬▬ ▬▬▬ ▬ ▬▬ ▬▬▬▬ ▬ ▬▬▬ ▬▬ ▬ ▬▬▬▬ ▬▬ ▬ ▬▬▬ ▬▬▬ ▬ ▬▬ ▬▬▬▬ ▬▬ ▬ ▬▬▬ ▬▬ ▬▬▬ ▬ ▬▬▬▬ ▬▬ ▬▬▬ ▬ ▬▬ ▬▬▬▬ ▬ ▬▬▬ ▬▬ ▬ ▬▬▬▬ ▬▬ ▬ ▬▬▬ ▬▬▬ ▬ ▬▬ ▬▬▬▬ ▬▬ ▬ ▬▬▬ ▬▬ ▬▬▬ ▬ ▬▬▬▬ ▬▬ ▬▬▬ ▬ ▬▬ ▬▬▬▬ ▬ ▬▬▬ ▬▬ ▬ ▬▬▬▬ ▬▬ ▬ ▬▬▬ ▬▬▬ ▬ ▬▬ ▬▬▬▬
Linha ferrea de Valle do Vouga
▬▬ ▬ ▬▬▬ ▬▬ ▬▬▬▬ ▬ ▬▬ ▬▬▬ ▬ ▬▬▬▬ ▬▬ ▬▬▬ ▬ ▬▬ ▬▬▬▬ ▬ ▬▬▬ ▬▬ ▬ ▬▬▬▬ ▬▬ ▬ ▬▬▬ ▬▬▬ ▬ ▬▬ ▬▬▬▬ ▬▬ ▬ ▬▬▬ ▬▬ ▬▬▬ ▬ ▬▬▬▬ ▬▬ ▬▬▬ ▬ ▬▬ ▬▬▬▬
Em Mação
▬ ▬▬ ▬▬▬ ▬ ▬▬▬▬ ▬▬ ▬▬▬ ▬ ▬▬ ▬▬▬▬ ▬ ▬▬▬ ▬▬ ▬ ▬▬▬▬ ▬▬ ▬ ▬▬▬ ▬▬▬ ▬ ▬▬
CAMISARIA E GRAVATARIA
THE NEW FASHION
Enxovaes para noivos
PALACIO FOZ — Lisboa
O «mal rubro» na Madeira
▬▬ ▬ ▬▬▬ ▬▬ ▬▬▬▬ ▬ ▬▬ ▬▬▬ ▬ ▬▬▬▬
O TEMPO
▬ ▬▬ ▬▬▬ ▬ ▬▬▬▬ ▬▬ ▬▬▬ ▬ ▬▬ ▬▬▬▬ ▬ ▬▬▬ ▬▬ ▬ ▬▬▬▬ ▬▬ ▬ ▬▬▬ ▬▬▬ ▬ ▬▬
Temperatura, ás 9 da manhã
▬▬ ▬ ▬▬▬ ▬▬ ▬▬▬▬ ▬ ▬▬ ▬▬▬ ▬ ▬▬▬▬ ▬▬ ▬▬▬ ▬ ▬▬ ▬▬▬▬ ▬ ▬▬▬ ▬▬ ▬ ▬▬▬▬ ▬▬ ▬ ▬▬▬ ▬▬▬ ▬ ▬▬ ▬▬▬▬ ▬▬ ▬ ▬▬▬
